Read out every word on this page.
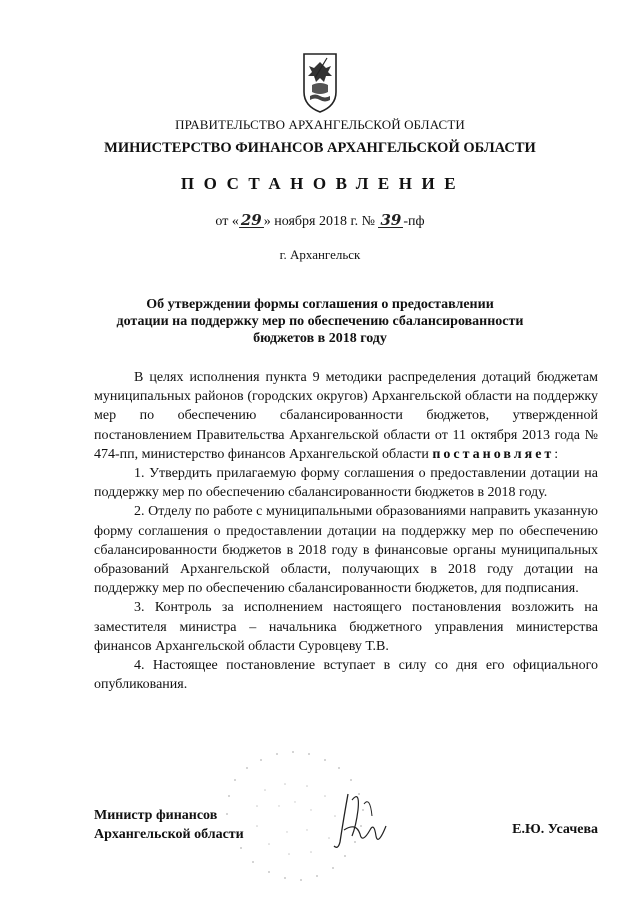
ПРАВИТЕЛЬСТВО АРХАНГЕЛЬСКОЙ ОБЛАСТИ
МИНИСТЕРСТВО ФИНАНСОВ АРХАНГЕЛЬСКОЙ ОБЛАСТИ
ПОСТАНОВЛЕНИЕ
от « 29 » ноября 2018 г. № 39 -пф
г. Архангельск
Об утверждении формы соглашения о предоставлении
дотации на поддержку мер по обеспечению сбалансированности
бюджетов в 2018 году

В целях исполнения пункта 9 методики распределения дотаций бюджетам муниципальных районов (городских округов) Архангельской области на поддержку мер по обеспечению сбалансированности бюджетов, утвержденной постановлением Правительства Архангельской области от 11 октября 2013 года № 474-пп, министерство финансов Архангельской области постановляет:

1. Утвердить прилагаемую форму соглашения о предоставлении дотации на поддержку мер по обеспечению сбалансированности бюджетов в 2018 году.

2. Отделу по работе с муниципальными образованиями направить указанную форму соглашения о предоставлении дотации на поддержку мер по обеспечению сбалансированности бюджетов в 2018 году в финансовые органы муниципальных образований Архангельской области, получающих в 2018 году дотации на поддержку мер по обеспечению сбалансированности бюджетов, для подписания.

3. Контроль за исполнением настоящего постановления возложить на заместителя министра – начальника бюджетного управления министерства финансов Архангельской области Суровцеву Т.В.

4. Настоящее постановление вступает в силу со дня его официального опубликования.

Министр финансов
Архангельской области	Е.Ю. Усачева
